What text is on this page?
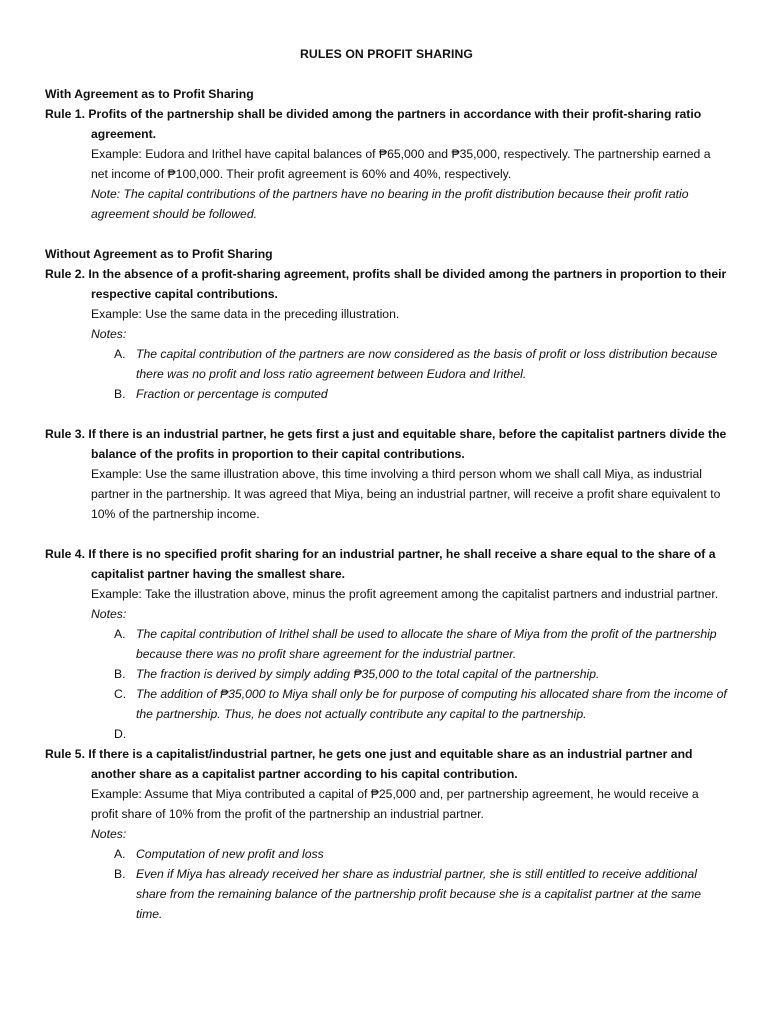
RULES ON PROFIT SHARING
With Agreement as to Profit Sharing
Rule 1. Profits of the partnership shall be divided among the partners in accordance with their profit-sharing ratio agreement.
Example: Eudora and Irithel have capital balances of ₱65,000 and ₱35,000, respectively. The partnership earned a net income of ₱100,000. Their profit agreement is 60% and 40%, respectively.
Note: The capital contributions of the partners have no bearing in the profit distribution because their profit ratio agreement should be followed.
Without Agreement as to Profit Sharing
Rule 2. In the absence of a profit-sharing agreement, profits shall be divided among the partners in proportion to their respective capital contributions.
Example: Use the same data in the preceding illustration.
Notes:
A. The capital contribution of the partners are now considered as the basis of profit or loss distribution because there was no profit and loss ratio agreement between Eudora and Irithel.
B. Fraction or percentage is computed
Rule 3. If there is an industrial partner, he gets first a just and equitable share, before the capitalist partners divide the balance of the profits in proportion to their capital contributions.
Example: Use the same illustration above, this time involving a third person whom we shall call Miya, as industrial partner in the partnership. It was agreed that Miya, being an industrial partner, will receive a profit share equivalent to 10% of the partnership income.
Rule 4. If there is no specified profit sharing for an industrial partner, he shall receive a share equal to the share of a capitalist partner having the smallest share.
Example: Take the illustration above, minus the profit agreement among the capitalist partners and industrial partner.
Notes:
A. The capital contribution of Irithel shall be used to allocate the share of Miya from the profit of the partnership because there was no profit share agreement for the industrial partner.
B. The fraction is derived by simply adding ₱35,000 to the total capital of the partnership.
C. The addition of ₱35,000 to Miya shall only be for purpose of computing his allocated share from the income of the partnership. Thus, he does not actually contribute any capital to the partnership.
D.

Rule 5. If there is a capitalist/industrial partner, he gets one just and equitable share as an industrial partner and another share as a capitalist partner according to his capital contribution.
Example: Assume that Miya contributed a capital of ₱25,000 and, per partnership agreement, he would receive a profit share of 10% from the profit of the partnership an industrial partner.
Notes:
A. Computation of new profit and loss
B. Even if Miya has already received her share as industrial partner, she is still entitled to receive additional share from the remaining balance of the partnership profit because she is a capitalist partner at the same time.
